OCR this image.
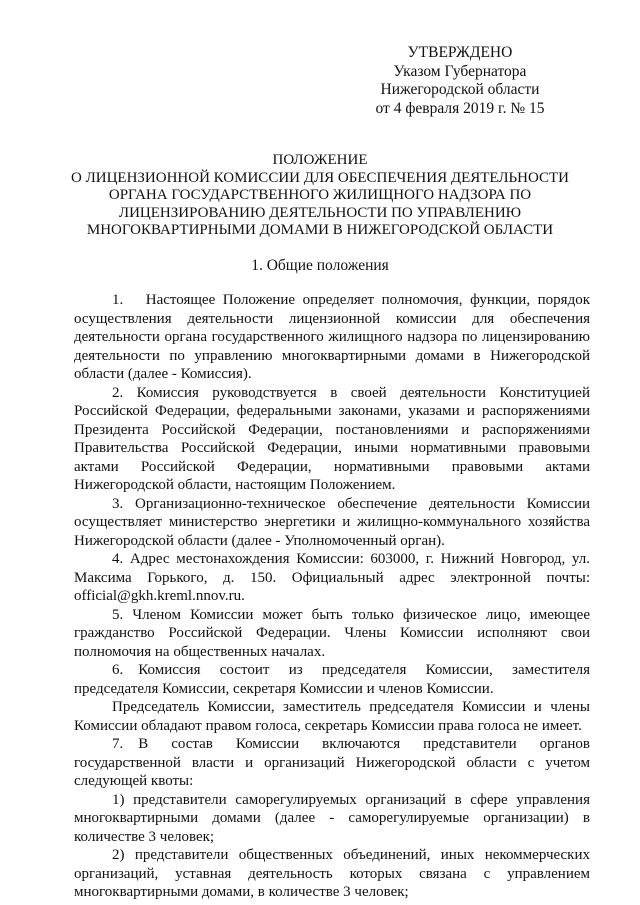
УТВЕРЖДЕНО
Указом Губернатора
Нижегородской области
от 4 февраля 2019 г. № 15
ПОЛОЖЕНИЕ
О ЛИЦЕНЗИОННОЙ КОМИССИИ ДЛЯ ОБЕСПЕЧЕНИЯ ДЕЯТЕЛЬНОСТИ
ОРГАНА ГОСУДАРСТВЕННОГО ЖИЛИЩНОГО НАДЗОРА ПО
ЛИЦЕНЗИРОВАНИЮ ДЕЯТЕЛЬНОСТИ ПО УПРАВЛЕНИЮ
МНОГОКВАРТИРНЫМИ ДОМАМИ В НИЖЕГОРОДСКОЙ ОБЛАСТИ
1. Общие положения

1.  Настоящее Положение определяет полномочия, функции, порядок осуществления деятельности лицензионной комиссии для обеспечения деятельности органа государственного жилищного надзора по лицензированию деятельности по управлению многоквартирными домами в Нижегородской области (далее - Комиссия).

2. Комиссия руководствуется в своей деятельности Конституцией Российской Федерации, федеральными законами, указами и распоряжениями Президента Российской Федерации, постановлениями и распоряжениями Правительства Российской Федерации, иными нормативными правовыми актами Российской Федерации, нормативными правовыми актами Нижегородской области, настоящим Положением.

3. Организационно-техническое обеспечение деятельности Комиссии осуществляет министерство энергетики и жилищно-коммунального хозяйства Нижегородской области (далее - Уполномоченный орган).

4. Адрес местонахождения Комиссии: 603000, г. Нижний Новгород, ул. Максима Горького, д. 150. Официальный адрес электронной почты: official@gkh.kreml.nnov.ru.

5. Членом Комиссии может быть только физическое лицо, имеющее гражданство Российской Федерации. Члены Комиссии исполняют свои полномочия на общественных началах.

6. Комиссия состоит из председателя Комиссии, заместителя председателя Комиссии, секретаря Комиссии и членов Комиссии.

Председатель Комиссии, заместитель председателя Комиссии и члены Комиссии обладают правом голоса, секретарь Комиссии права голоса не имеет.

7. В состав Комиссии включаются представители органов государственной власти и организаций Нижегородской области с учетом следующей квоты:

1) представители саморегулируемых организаций в сфере управления многоквартирными домами (далее - саморегулируемые организации) в количестве 3 человек;

2) представители общественных объединений, иных некоммерческих организаций, уставная деятельность которых связана с управлением многоквартирными домами, в количестве 3 человек;
